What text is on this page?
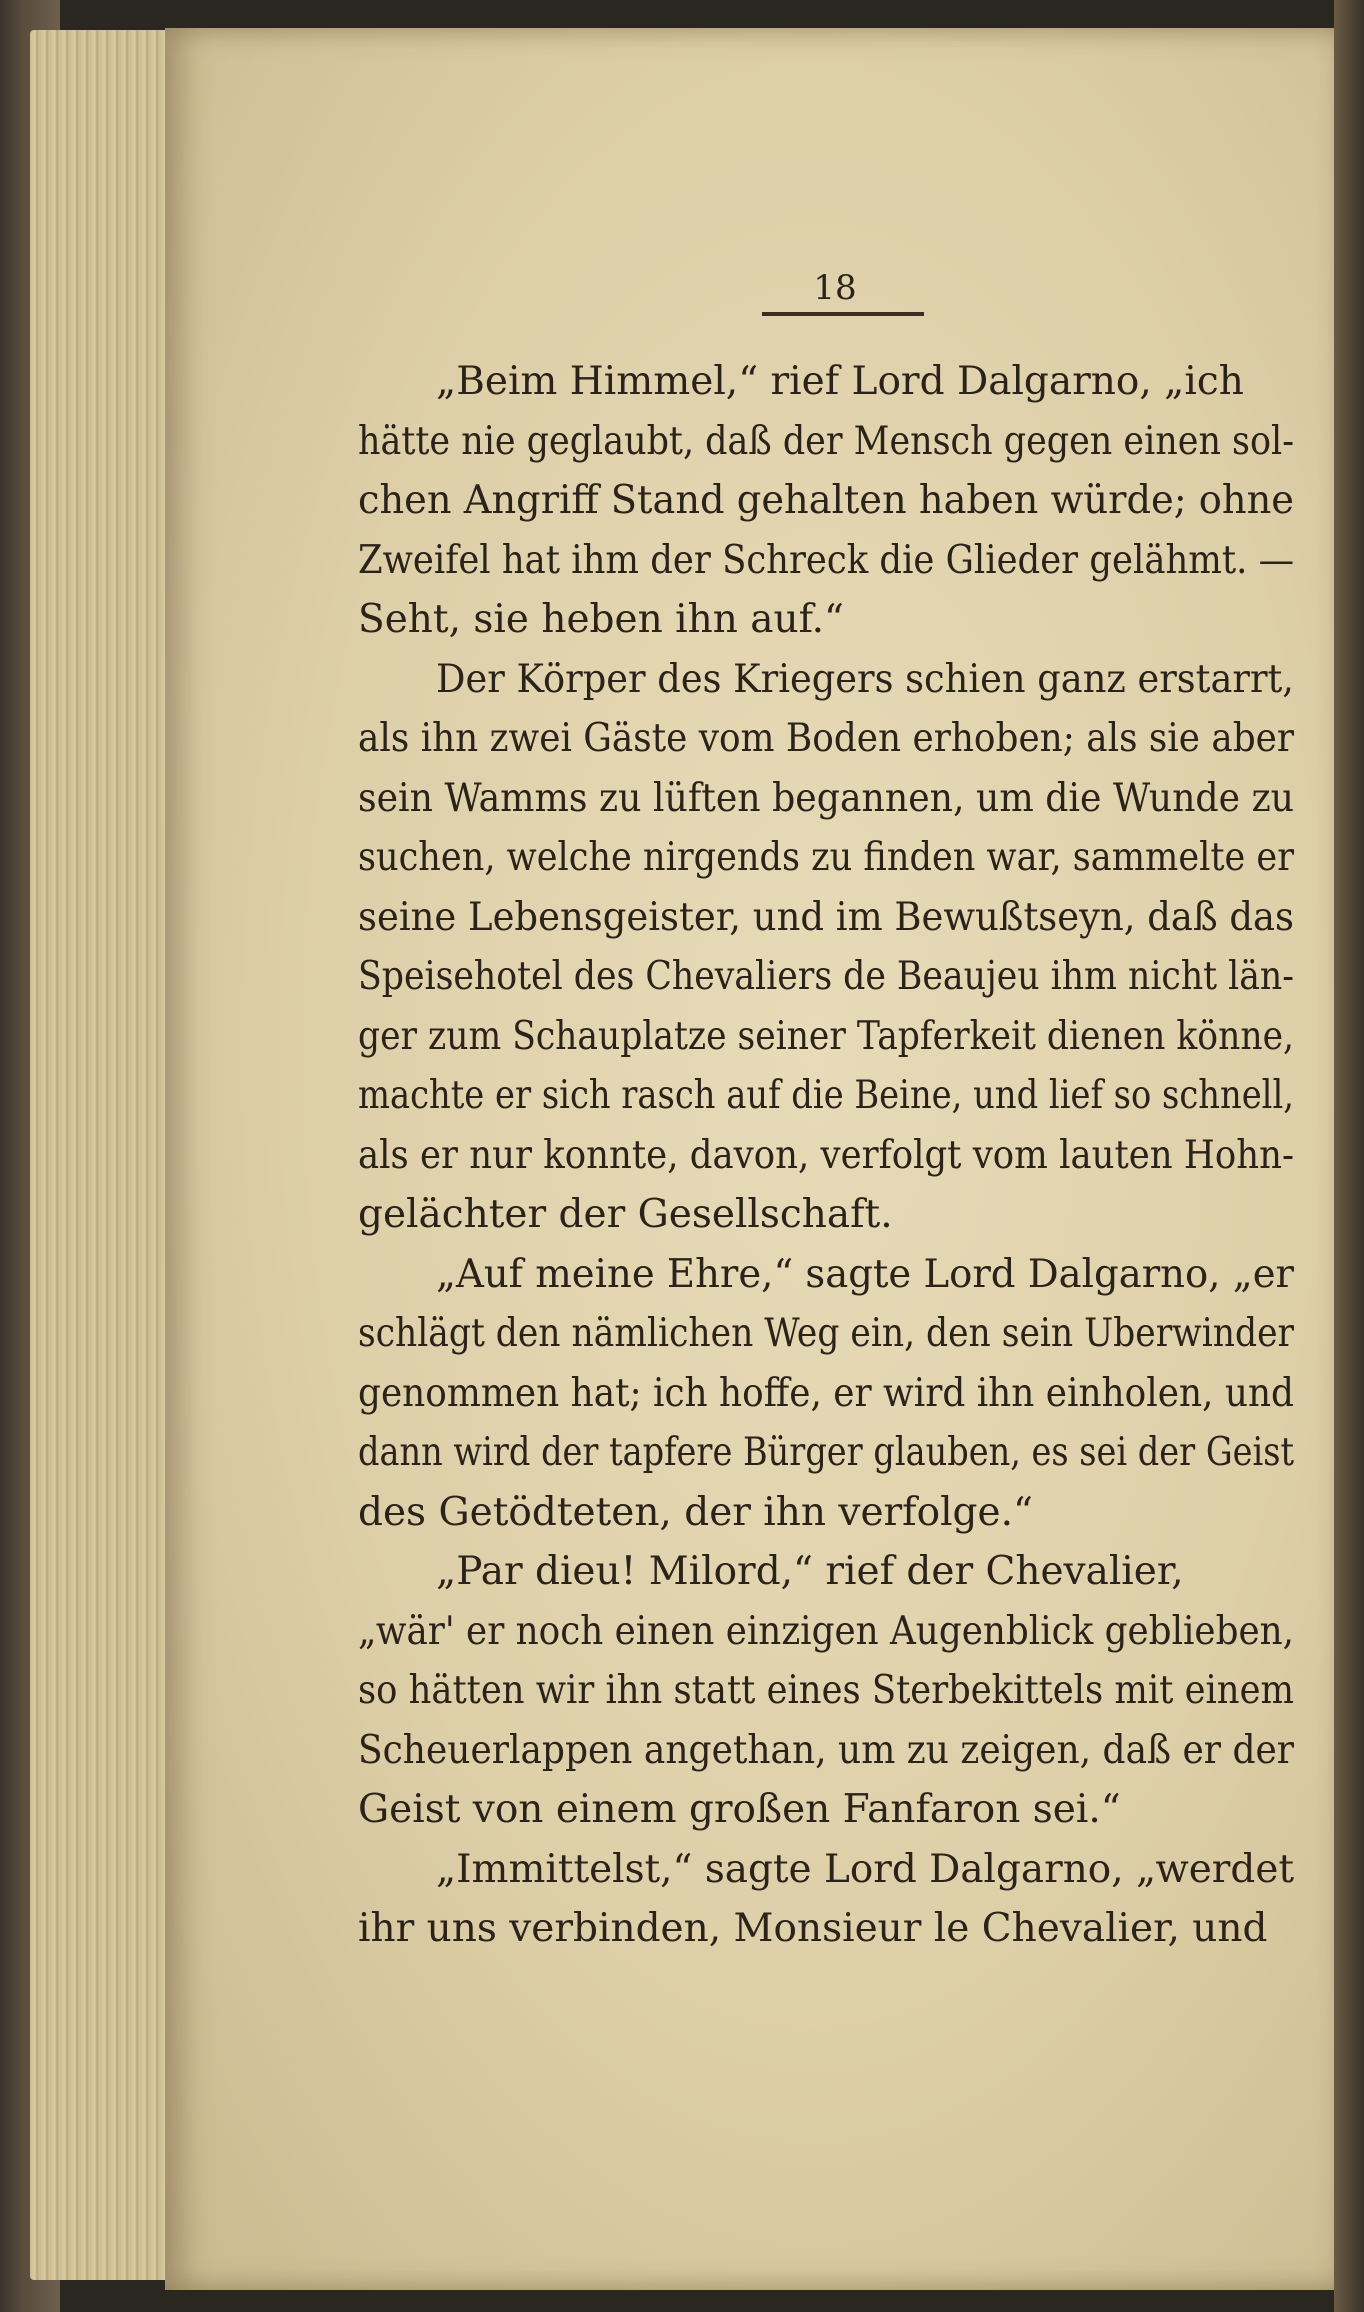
18
„Beim Himmel,“ rief Lord Dalgarno, „ich
hätte nie geglaubt, daß der Mensch gegen einen sol-
chen Angriff Stand gehalten haben würde; ohne
Zweifel hat ihm der Schreck die Glieder gelähmt. —
Seht, sie heben ihn auf.“
Der Körper des Kriegers schien ganz erstarrt,
als ihn zwei Gäste vom Boden erhoben; als sie aber
sein Wamms zu lüften begannen, um die Wunde zu
suchen, welche nirgends zu finden war, sammelte er
seine Lebensgeister, und im Bewußtseyn, daß das
Speisehotel des Chevaliers de Beaujeu ihm nicht län-
ger zum Schauplatze seiner Tapferkeit dienen könne,
machte er sich rasch auf die Beine, und lief so schnell,
als er nur konnte, davon, verfolgt vom lauten Hohn-
gelächter der Gesellschaft.
„Auf meine Ehre,“ sagte Lord Dalgarno, „er
schlägt den nämlichen Weg ein, den sein Uberwinder
genommen hat; ich hoffe, er wird ihn einholen, und
dann wird der tapfere Bürger glauben, es sei der Geist
des Getödteten, der ihn verfolge.“
„Par dieu! Milord,“ rief der Chevalier,
„wär' er noch einen einzigen Augenblick geblieben,
so hätten wir ihn statt eines Sterbekittels mit einem
Scheuerlappen angethan, um zu zeigen, daß er der
Geist von einem großen Fanfaron sei.“
„Immittelst,“ sagte Lord Dalgarno, „werdet
ihr uns verbinden, Monsieur le Chevalier, und
